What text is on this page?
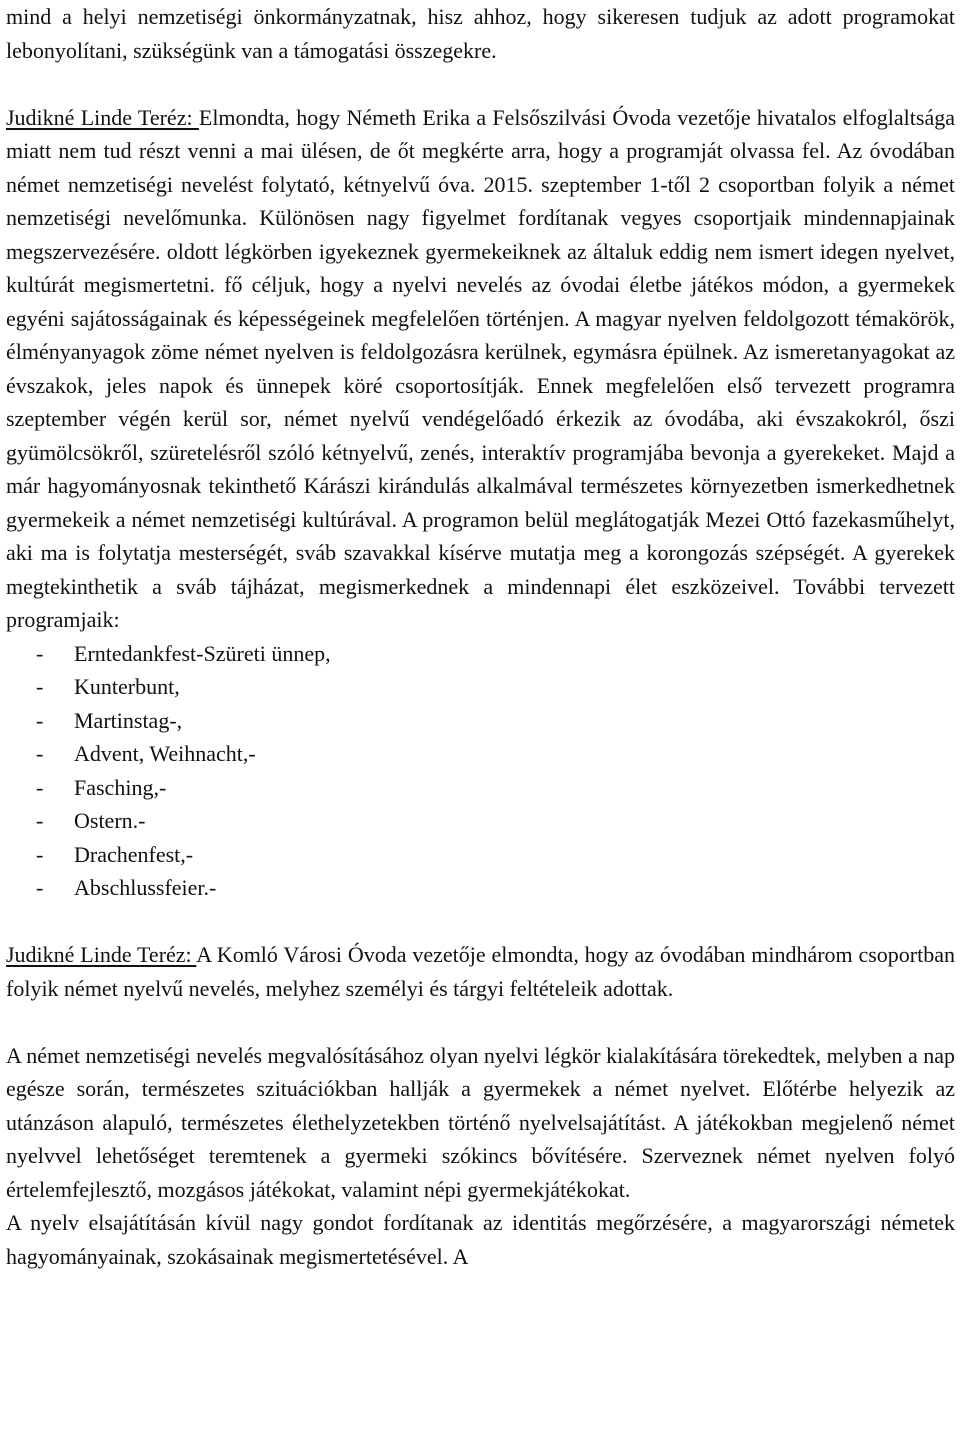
mind a helyi nemzetiségi önkormányzatnak, hisz ahhoz, hogy sikeresen tudjuk az adott programokat lebonyolítani, szükségünk van a támogatási összegekre.

Judikné Linde Teréz: Elmondta, hogy Németh Erika a Felsőszilvási Óvoda vezetője hivatalos elfoglaltsága miatt nem tud részt venni a mai ülésen, de őt megkérte arra, hogy a programját olvassa fel. Az óvodában német nemzetiségi nevelést folytató, kétnyelvű óva. 2015. szeptember 1-től 2 csoportban folyik a német nemzetiségi nevelőmunka. Különösen nagy figyelmet fordítanak vegyes csoportjaik mindennapjainak megszervezésére. oldott légkörben igyekeznek gyermekeiknek az általuk eddig nem ismert idegen nyelvet, kultúrát megismertetni. fő céljuk, hogy a nyelvi nevelés az óvodai életbe játékos módon, a gyermekek egyéni sajátosságainak és képességeinek megfelelően történjen. A magyar nyelven feldolgozott témakörök, élményanyagok zöme német nyelven is feldolgozásra kerülnek, egymásra épülnek. Az ismeretanyagokat az évszakok, jeles napok és ünnepek köré csoportosítják. Ennek megfelelően első tervezett programra szeptember végén kerül sor, német nyelvű vendégelőadó érkezik az óvodába, aki évszakokról, őszi gyümölcsökről, szüretelésről szóló kétnyelvű, zenés, interaktív programjába bevonja a gyerekeket. Majd a már hagyományosnak tekinthető Kárászi kirándulás alkalmával természetes környezetben ismerkedhetnek gyermekeik a német nemzetiségi kultúrával. A programon belül meglátogatják Mezei Ottó fazekasműhelyt, aki ma is folytatja mesterségét, sváb szavakkal kísérve mutatja meg a korongozás szépségét. A gyerekek megtekinthetik a sváb tájházat, megismerkednek a mindennapi élet eszközeivel. További tervezett programjaik:

- Erntedankfest-Szüreti ünnep,
- Kunterbunt,
- Martinstag-,
- Advent, Weihnacht,-
- Fasching,-
- Ostern.-
- Drachenfest,-
- Abschlussfeier.-

Judikné Linde Teréz: A Komló Városi Óvoda vezetője elmondta, hogy az óvodában mindhárom csoportban folyik német nyelvű nevelés, melyhez személyi és tárgyi feltételeik adottak.

A német nemzetiségi nevelés megvalósításához olyan nyelvi légkör kialakítására törekedtek, melyben a nap egésze során, természetes szituációkban hallják a gyermekek a német nyelvet. Előtérbe helyezik az utánzáson alapuló, természetes élethelyzetekben történő nyelvelsajátítást. A játékokban megjelenő német nyelvvel lehetőséget teremtenek a gyermeki szókincs bővítésére. Szerveznek német nyelven folyó értelemfejlesztő, mozgásos játékokat, valamint népi gyermekjátékokat.

A nyelv elsajátításán kívül nagy gondot fordítanak az identitás megőrzésére, a magyarországi németek hagyományainak, szokásainak megismertetésével. A
